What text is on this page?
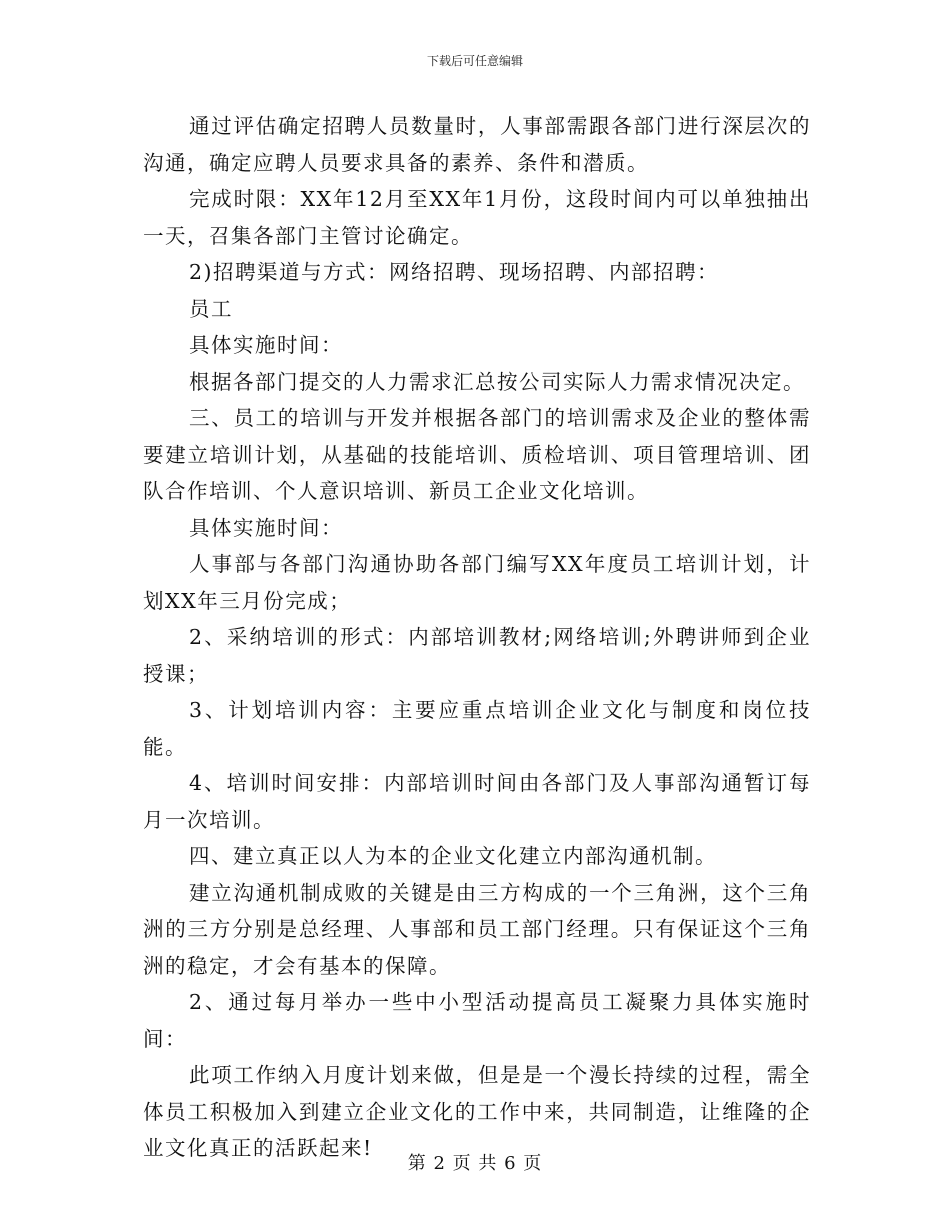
下载后可任意编辑

通过评估确定招聘人员数量时，人事部需跟各部门进行深层次的沟通，确定应聘人员要求具备的素养、条件和潜质。

完成时限：XX年12月至XX年1月份，这段时间内可以单独抽出一天，召集各部门主管讨论确定。

2)招聘渠道与方式：网络招聘、现场招聘、内部招聘：

员工

具体实施时间：

根据各部门提交的人力需求汇总按公司实际人力需求情况决定。

三、员工的培训与开发并根据各部门的培训需求及企业的整体需要建立培训计划，从基础的技能培训、质检培训、项目管理培训、团队合作培训、个人意识培训、新员工企业文化培训。

具体实施时间：

人事部与各部门沟通协助各部门编写XX年度员工培训计划，计划XX年三月份完成；

2、采纳培训的形式：内部培训教材;网络培训;外聘讲师到企业授课；

3、计划培训内容：主要应重点培训企业文化与制度和岗位技能。

4、培训时间安排：内部培训时间由各部门及人事部沟通暂订每月一次培训。

四、建立真正以人为本的企业文化建立内部沟通机制。

建立沟通机制成败的关键是由三方构成的一个三角洲，这个三角洲的三方分别是总经理、人事部和员工部门经理。只有保证这个三角洲的稳定，才会有基本的保障。

2、通过每月举办一些中小型活动提高员工凝聚力具体实施时间：

此项工作纳入月度计划来做，但是是一个漫长持续的过程，需全体员工积极加入到建立企业文化的工作中来，共同制造，让维隆的企业文化真正的活跃起来!

第 2 页 共 6 页
